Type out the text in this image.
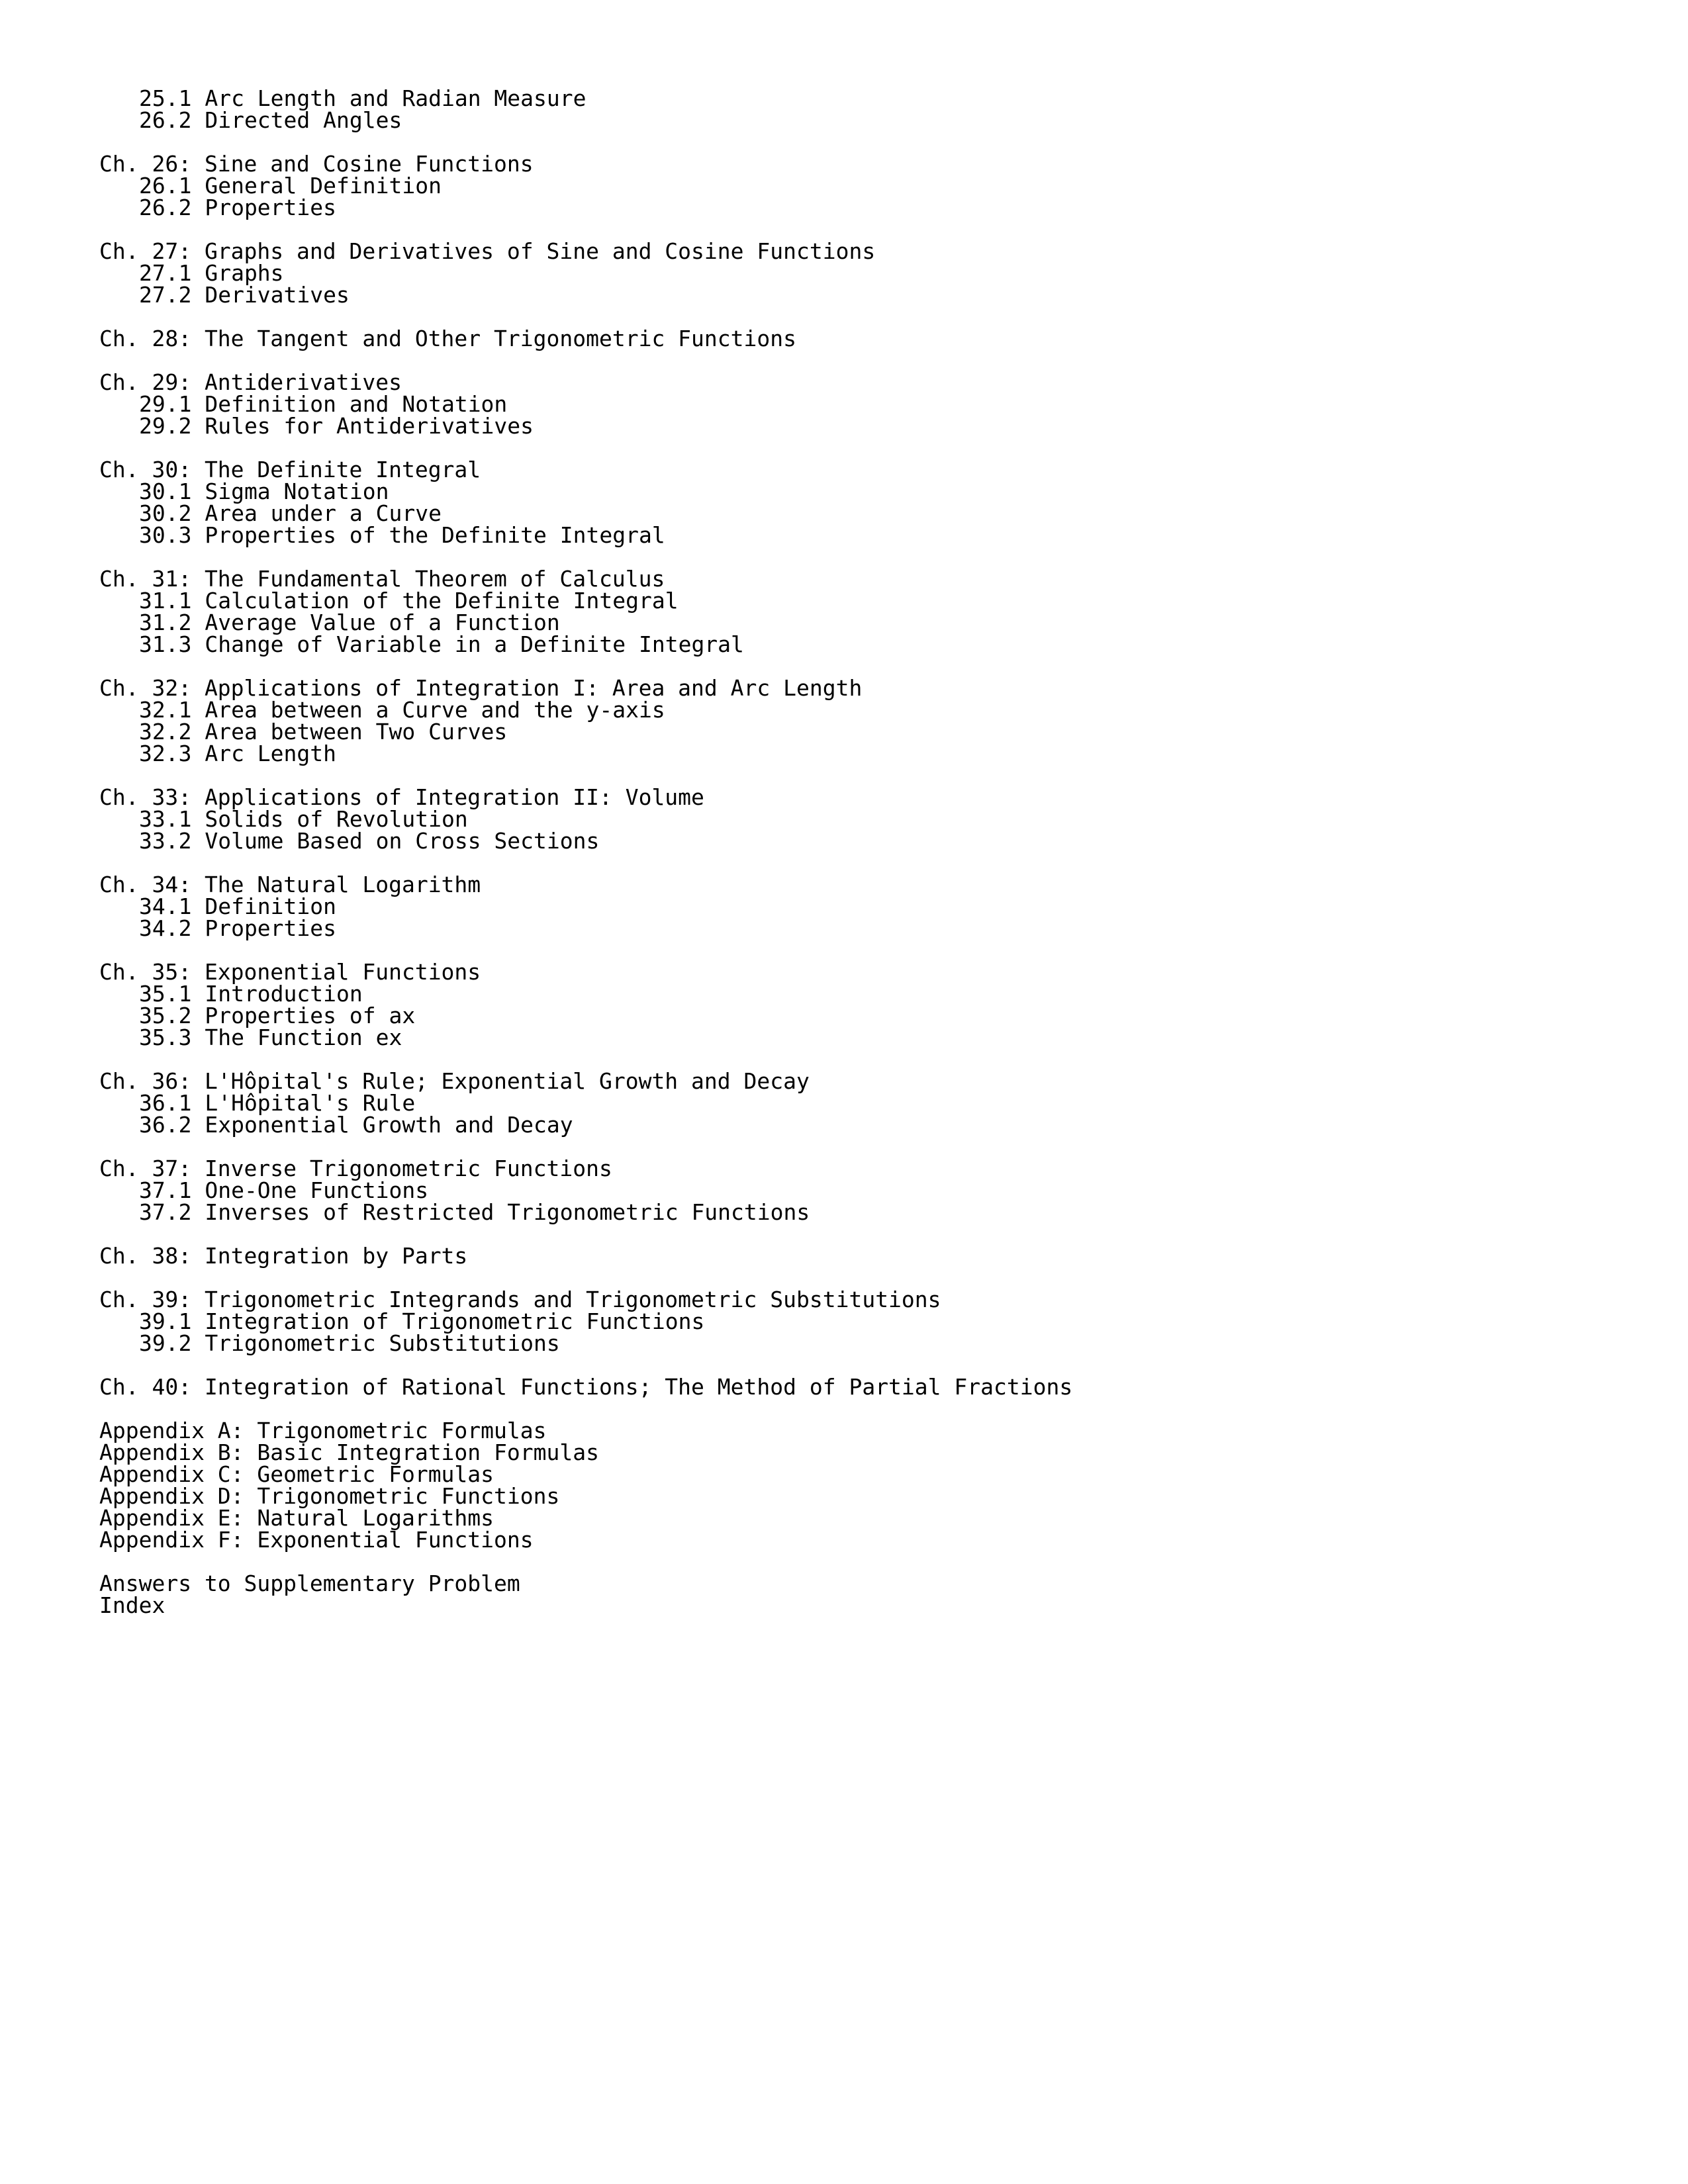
25.1 Arc Length and Radian Measure
26.2 Directed Angles
Ch. 26: Sine and Cosine Functions
26.1 General Definition
26.2 Properties
Ch. 27: Graphs and Derivatives of Sine and Cosine Functions
27.1 Graphs
27.2 Derivatives
Ch. 28: The Tangent and Other Trigonometric Functions
Ch. 29: Antiderivatives
29.1 Definition and Notation
29.2 Rules for Antiderivatives
Ch. 30: The Definite Integral
30.1 Sigma Notation
30.2 Area under a Curve
30.3 Properties of the Definite Integral
Ch. 31: The Fundamental Theorem of Calculus
31.1 Calculation of the Definite Integral
31.2 Average Value of a Function
31.3 Change of Variable in a Definite Integral
Ch. 32: Applications of Integration I: Area and Arc Length
32.1 Area between a Curve and the y-axis
32.2 Area between Two Curves
32.3 Arc Length
Ch. 33: Applications of Integration II: Volume
33.1 Solids of Revolution
33.2 Volume Based on Cross Sections
Ch. 34: The Natural Logarithm
34.1 Definition
34.2 Properties
Ch. 35: Exponential Functions
35.1 Introduction
35.2 Properties of ax
35.3 The Function ex
Ch. 36: L'Hôpital's Rule; Exponential Growth and Decay
36.1 L'Hôpital's Rule
36.2 Exponential Growth and Decay
Ch. 37: Inverse Trigonometric Functions
37.1 One-One Functions
37.2 Inverses of Restricted Trigonometric Functions
Ch. 38: Integration by Parts
Ch. 39: Trigonometric Integrands and Trigonometric Substitutions
39.1 Integration of Trigonometric Functions
39.2 Trigonometric Substitutions
Ch. 40: Integration of Rational Functions; The Method of Partial Fractions
Appendix A: Trigonometric Formulas
Appendix B: Basic Integration Formulas
Appendix C: Geometric Formulas
Appendix D: Trigonometric Functions
Appendix E: Natural Logarithms
Appendix F: Exponential Functions
Answers to Supplementary Problem
Index
